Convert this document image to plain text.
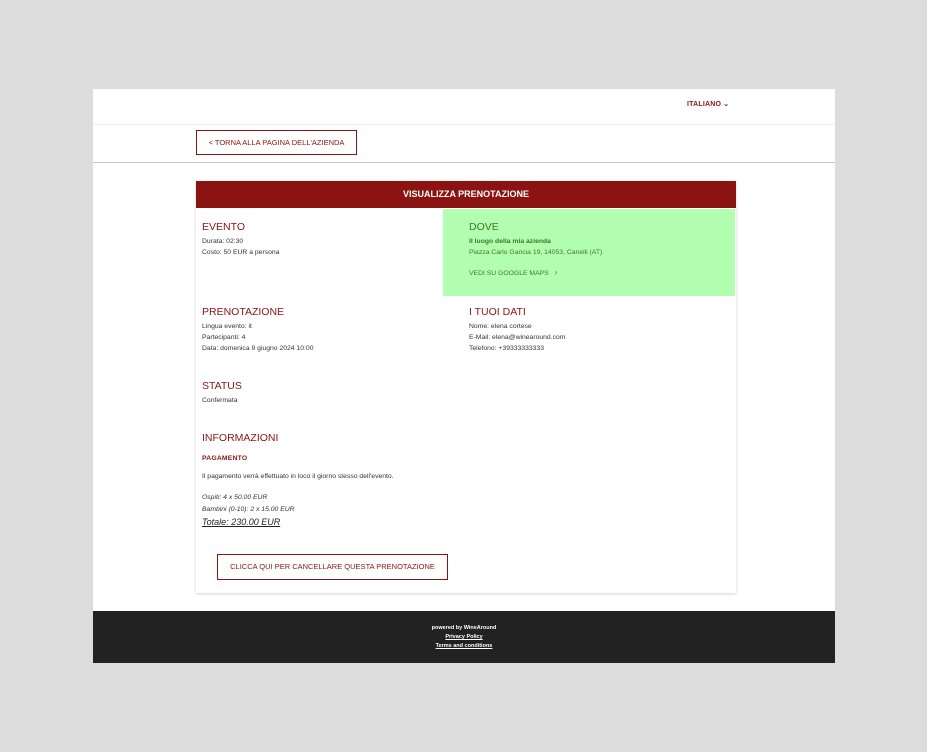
ITALIANO ⌄
< TORNA ALLA PAGINA DELL'AZIENDA
VISUALIZZA PRENOTAZIONE
EVENTO
Durata: 02:30
Costo: 50 EUR a persona
DOVE
Il luogo della mia azienda
Piazza Carlo Gancia 19, 14053, Canelli (AT)
VEDI SU GOOGLE MAPS ›
PRENOTAZIONE
Lingua evento: it
Partecipanti: 4
Data: domenica 9 giugno 2024 10:00
I TUOI DATI
Nome: elena cortese
E-Mail: elena@winearound.com
Telefono: +39333333333
STATUS
Confermata
INFORMAZIONI
PAGAMENTO
Il pagamento verrà effettuato in loco il giorno stesso dell'evento.
Ospiti: 4 x 50.00 EUR
Bambini (0-10): 2 x 15.00 EUR
Totale: 230.00 EUR
CLICCA QUI PER CANCELLARE QUESTA PRENOTAZIONE
powered by WineAround
Privacy Policy
Terms and conditions
